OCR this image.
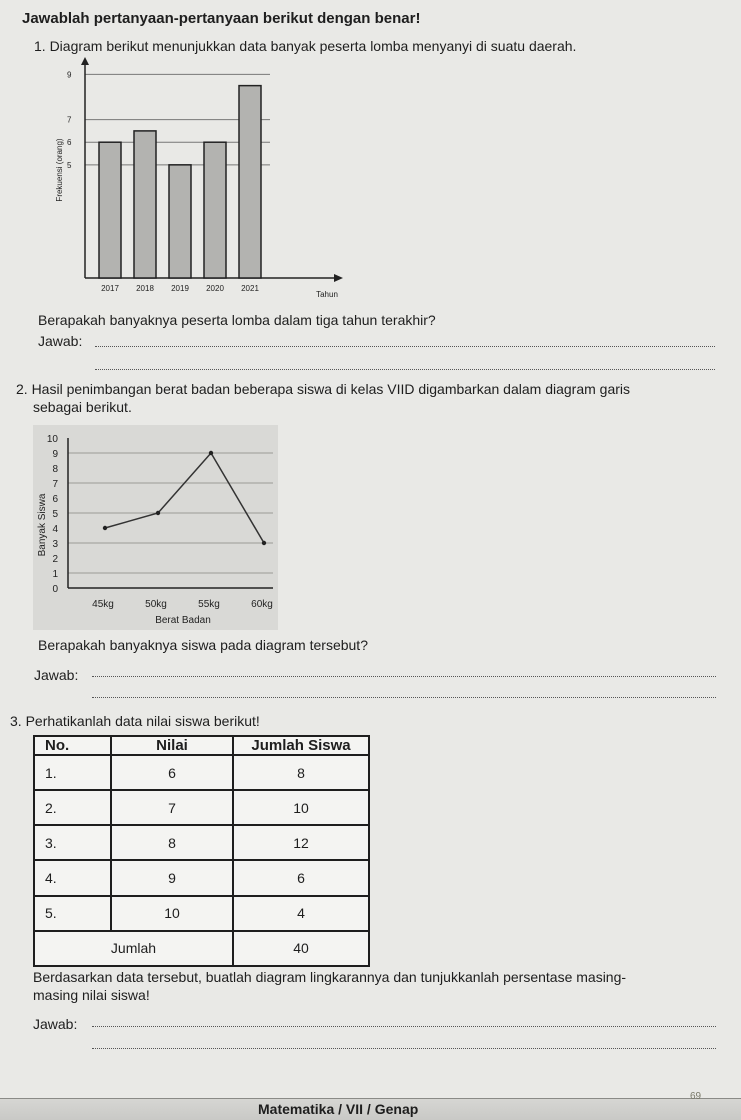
Jawablah pertanyaan-pertanyaan berikut dengan benar!
1. Diagram berikut menunjukkan data banyak peserta lomba menyanyi di suatu daerah.
5
6
7
9
2017 2018 2019 2020 2021
Tahun
Frekuensi (orang)
Berapakah banyaknya peserta lomba dalam tiga tahun terakhir?
Jawab:
2. Hasil penimbangan berat badan beberapa siswa di kelas VIID digambarkan dalam diagram garis
sebagai berikut.
0
1
2
3
4
5
6
7
8
9
10
45kg	50kg	55kg	60kg
Berat Badan
Banyak Siswa
Berapakah banyaknya siswa pada diagram tersebut?
Jawab:
3. Perhatikanlah data nilai siswa berikut!
No.	Nilai	Jumlah Siswa
1.	6	8
2.	7	10
3.	8	12
4.	9	6
5.	10	4
Jumlah		40
Berdasarkan data tersebut, buatlah diagram lingkarannya dan tunjukkanlah persentase masing-
masing nilai siswa!
Jawab:
Matematika / VII / Genap
69
